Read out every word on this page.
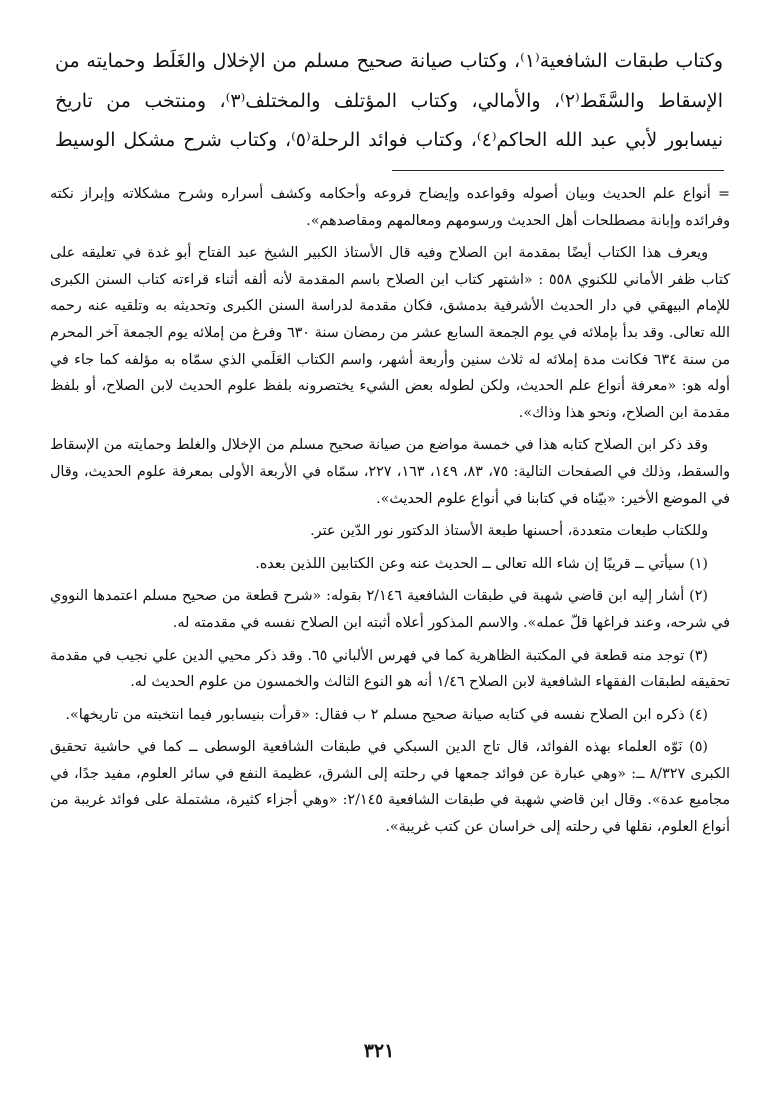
وكتاب طبقات الشافعية⁽١⁾، وكتاب صيانة صحيح مسلم من الإخلال والغَلَط وحمايته من

الإسقاط والسَّقَط⁽٢⁾، والأمالي، وكتاب المؤتلف والمختلف⁽٣⁾، ومنتخب من تاريخ

نيسابور لأبي عبد الله الحاكم⁽٤⁾، وكتاب فوائد الرحلة⁽٥⁾، وكتاب شرح مشكل الوسيط

= أنواع علم الحديث وبيان أصوله وقواعده وإيضاح فروعه وأحكامه وكشف أسراره وشرح مشكلاته وإبراز نكته وفرائده وإبانة مصطلحات أهل الحديث ورسومهم ومعالمهم ومقاصدهم».

ويعرف هذا الكتاب أيضًا بمقدمة ابن الصلاح وفيه قال الأستاذ الكبير الشيخ عبد الفتاح أبو غدة في تعليقه على كتاب ظفر الأماني للكنوي ٥٥٨ : «اشتهر كتاب ابن الصلاح باسم المقدمة لأنه ألفه أثناء قراءته كتاب السنن الكبرى للإمام البيهقي في دار الحديث الأشرفية بدمشق، فكان مقدمة لدراسة السنن الكبرى وتحديثه به وتلقيه عنه رحمه الله تعالى. وقد بدأ بإملائه في يوم الجمعة السابع عشر من رمضان سنة ٦٣٠ وفرغ من إملائه يوم الجمعة آخر المحرم من سنة ٦٣٤ فكانت مدة إملائه له ثلاث سنين وأربعة أشهر، واسم الكتاب العَلَمي الذي سمّاه به مؤلفه كما جاء في أوله هو: «معرفة أنواع علم الحديث، ولكن لطوله بعض الشيء يختصرونه بلفظ علوم الحديث لابن الصلاح، أو بلفظ مقدمة ابن الصلاح، ونحو هذا وذاك».

وقد ذكر ابن الصلاح كتابه هذا في خمسة مواضع من صيانة صحيح مسلم من الإخلال والغلط وحمايته من الإسقاط والسقط، وذلك في الصفحات التالية: ٧٥، ٨٣، ١٤٩، ١٦٣، ٢٢٧، سمّاه في الأربعة الأولى بمعرفة علوم الحديث، وقال في الموضع الأخير: «بيّناه في كتابنا في أنواع علوم الحديث».

وللكتاب طبعات متعددة، أحسنها طبعة الأستاذ الدكتور نور الدّين عتر.

(١) سيأتي ــ قريبًا إن شاء الله تعالى ــ الحديث عنه وعن الكتابين اللذين بعده.

(٢) أشار إليه ابن قاضي شهبة في طبقات الشافعية ٢/١٤٦ بقوله: «شرح قطعة من صحيح مسلم اعتمدها النووي في شرحه، وعند فراغها قلّ عمله». والاسم المذكور أعلاه أثبته ابن الصلاح نفسه في مقدمته له.

(٣) توجد منه قطعة في المكتبة الظاهرية كما في فهرس الألباني ٦٥. وقد ذكر محيي الدين علي نجيب في مقدمة تحقيقه لطبقات الفقهاء الشافعية لابن الصلاح ١/٤٦ أنه هو النوع الثالث والخمسون من علوم الحديث له.

(٤) ذكره ابن الصلاح نفسه في كتابه صيانة صحيح مسلم ٢ ب فقال: «قرأت بنيسابور فيما انتخبته من تاريخها».

(٥) نَوّه العلماء بهذه الفوائد، قال تاج الدين السبكي في طبقات الشافعية الوسطى ــ كما في حاشية تحقيق الكبرى ٨/٣٢٧ ــ: «وهي عبارة عن فوائد جمعها في رحلته إلى الشرق، عظيمة النفع في سائر العلوم، مفيد جدًا، في مجاميع عدة». وقال ابن قاضي شهبة في طبقات الشافعية ٢/١٤٥: «وهي أجزاء كثيرة، مشتملة على فوائد غريبة من أنواع العلوم، نقلها في رحلته إلى خراسان عن كتب غريبة».

٣٢١
